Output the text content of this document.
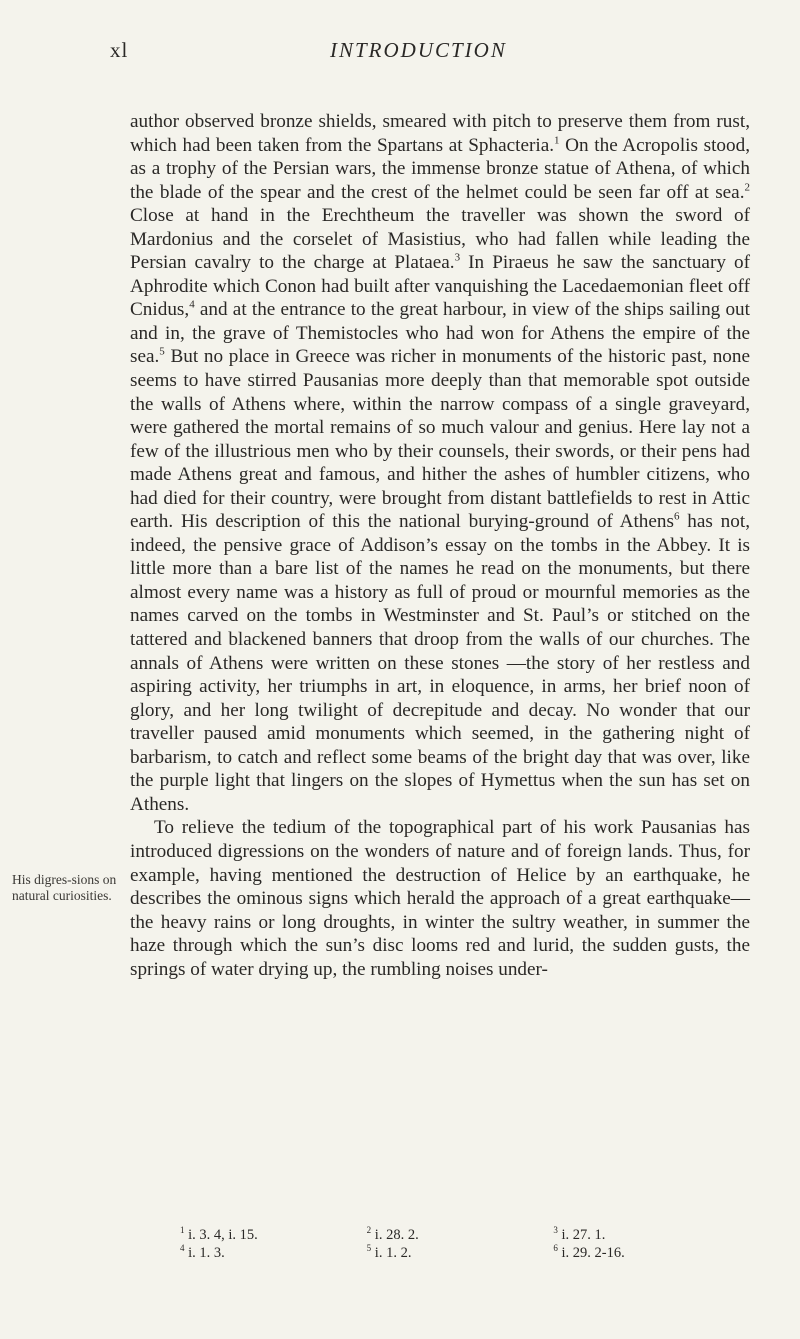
xl	INTRODUCTION
His digres-sions on natural curiosities.

author observed bronze shields, smeared with pitch to preserve them from rust, which had been taken from the Spartans at Sphacteria.$^1$ On the Acropolis stood, as a trophy of the Persian wars, the immense bronze statue of Athena, of which the blade of the spear and the crest of the helmet could be seen far off at sea.$^2$ Close at hand in the Erechtheum the traveller was shown the sword of Mardonius and the corselet of Masistius, who had fallen while leading the Persian cavalry to the charge at Plataea.$^3$ In Piraeus he saw the sanctuary of Aphrodite which Conon had built after vanquishing the Lacedaemonian fleet off Cnidus,$^4$ and at the entrance to the great harbour, in view of the ships sailing out and in, the grave of Themistocles who had won for Athens the empire of the sea.$^5$ But no place in Greece was richer in monuments of the historic past, none seems to have stirred Pausanias more deeply than that memorable spot outside the walls of Athens where, within the narrow compass of a single graveyard, were gathered the mortal remains of so much valour and genius. Here lay not a few of the illustrious men who by their counsels, their swords, or their pens had made Athens great and famous, and hither the ashes of humbler citizens, who had died for their country, were brought from distant battlefields to rest in Attic earth. His description of this the national burying-ground of Athens$^6$ has not, indeed, the pensive grace of Addison’s essay on the tombs in the Abbey. It is little more than a bare list of the names he read on the monuments, but there almost every name was a history as full of proud or mournful memories as the names carved on the tombs in Westminster and St. Paul’s or stitched on the tattered and blackened banners that droop from the walls of our churches. The annals of Athens were written on these stones —the story of her restless and aspiring activity, her triumphs in art, in eloquence, in arms, her brief noon of glory, and her long twilight of decrepitude and decay. No wonder that our traveller paused amid monuments which seemed, in the gathering night of barbarism, to catch and reflect some beams of the bright day that was over, like the purple light that lingers on the slopes of Hymettus when the sun has set on Athens.

To relieve the tedium of the topographical part of his work Pausanias has introduced digressions on the wonders of nature and of foreign lands. Thus, for example, having mentioned the destruction of Helice by an earthquake, he describes the ominous signs which herald the approach of a great earthquake—the heavy rains or long droughts, in winter the sultry weather, in summer the haze through which the sun’s disc looms red and lurid, the sudden gusts, the springs of water drying up, the rumbling noises under-

$^1$ i. 3. 4, i. 15.	$^2$ i. 28. 2.	$^3$ i. 27. 1.
$^4$ i. 1. 3.	$^5$ i. 1. 2.	$^6$ i. 29. 2-16.
